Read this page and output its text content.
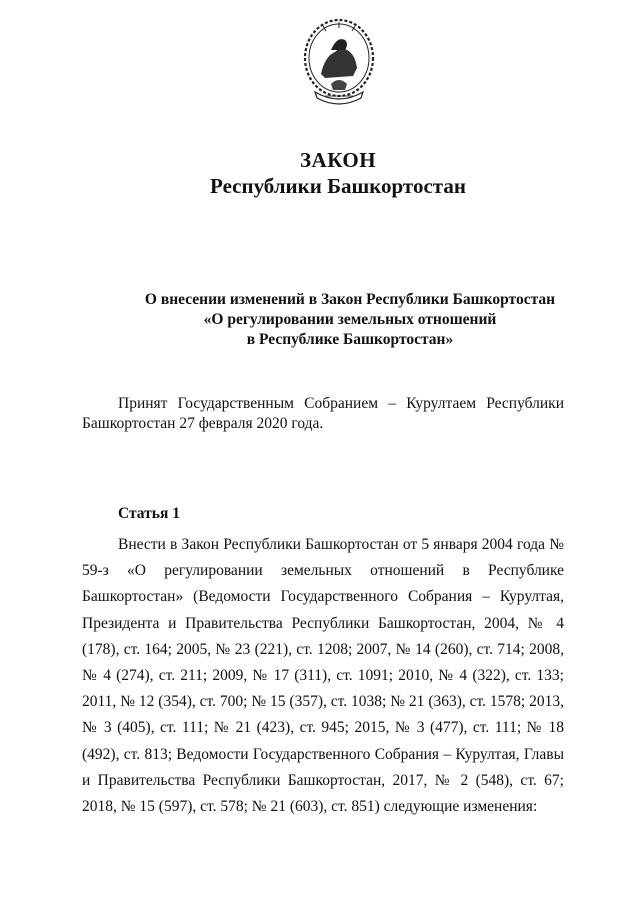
ЗАКОН
Республики Башкортостан

О внесении изменений в Закон Республики Башкортостан
«О регулировании земельных отношений
в Республике Башкортостан»

Принят Государственным Собранием – Курултаем Республики Башкортостан 27 февраля 2020 года.

Статья 1

Внести в Закон Республики Башкортостан от 5 января 2004 года № 59-з «О регулировании земельных отношений в Республике Башкортостан» (Ведомости Государственного Собрания – Курултая, Президента и Правительства Республики Башкортостан, 2004, № 4 (178), ст. 164; 2005, № 23 (221), ст. 1208; 2007, № 14 (260), ст. 714; 2008, № 4 (274), ст. 211; 2009, № 17 (311), ст. 1091; 2010, № 4 (322), ст. 133; 2011, № 12 (354), ст. 700; № 15 (357), ст. 1038; № 21 (363), ст. 1578; 2013, № 3 (405), ст. 111; № 21 (423), ст. 945; 2015, № 3 (477), ст. 111; № 18 (492), ст. 813; Ведомости Государственного Собрания – Курултая, Главы и Правительства Республики Башкортостан, 2017, № 2 (548), ст. 67; 2018, № 15 (597), ст. 578; № 21 (603), ст. 851) следующие изменения:
